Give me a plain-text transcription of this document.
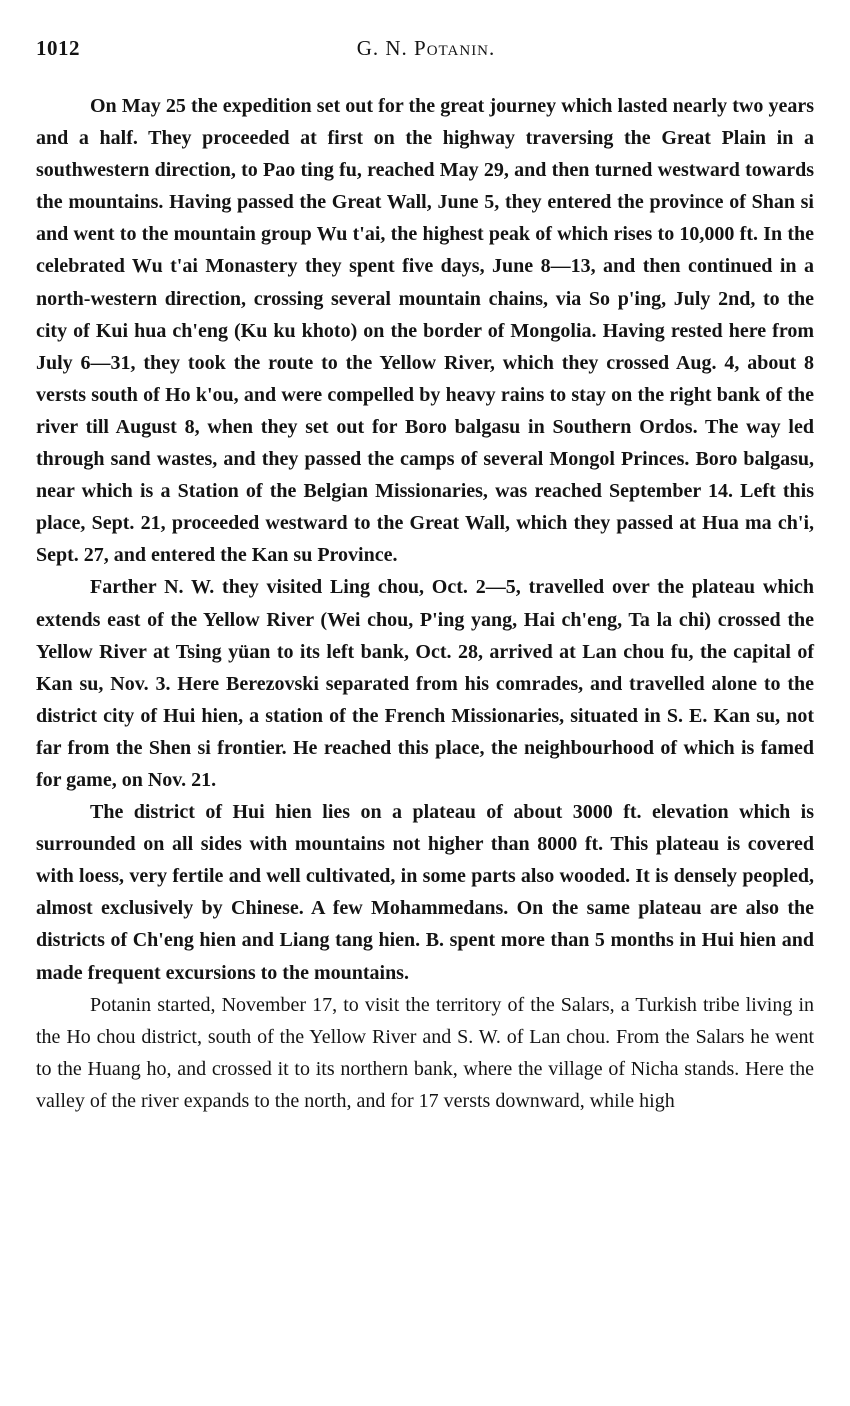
1012	G. N. Potanin.

On May 25 the expedition set out for the great journey which lasted nearly two years and a half. They proceeded at first on the highway traversing the Great Plain in a southwestern direction, to Pao ting fu, reached May 29, and then turned westward towards the mountains. Having passed the Great Wall, June 5, they entered the province of Shan si and went to the mountain group Wu t'ai, the highest peak of which rises to 10,000 ft. In the celebrated Wu t'ai Monastery they spent five days, June 8—13, and then continued in a north-western direction, crossing several mountain chains, via So p'ing, July 2nd, to the city of Kui hua ch'eng (Ku ku khoto) on the border of Mongolia. Having rested here from July 6—31, they took the route to the Yellow River, which they crossed Aug. 4, about 8 versts south of Ho k'ou, and were compelled by heavy rains to stay on the right bank of the river till August 8, when they set out for Boro balgasu in Southern Ordos. The way led through sand wastes, and they passed the camps of several Mongol Princes. Boro balgasu, near which is a Station of the Belgian Missionaries, was reached September 14. Left this place, Sept. 21, proceeded westward to the Great Wall, which they passed at Hua ma ch'i, Sept. 27, and entered the Kan su Province.

Farther N. W. they visited Ling chou, Oct. 2—5, travelled over the plateau which extends east of the Yellow River (Wei chou, P'ing yang, Hai ch'eng, Ta la chi) crossed the Yellow River at Tsing yüan to its left bank, Oct. 28, arrived at Lan chou fu, the capital of Kan su, Nov. 3. Here Berezovski separated from his comrades, and travelled alone to the district city of Hui hien, a station of the French Missionaries, situated in S. E. Kan su, not far from the Shen si frontier. He reached this place, the neighbourhood of which is famed for game, on Nov. 21.

The district of Hui hien lies on a plateau of about 3000 ft. elevation which is surrounded on all sides with mountains not higher than 8000 ft. This plateau is covered with loess, very fertile and well cultivated, in some parts also wooded. It is densely peopled, almost exclusively by Chinese. A few Mohammedans. On the same plateau are also the districts of Ch'eng hien and Liang tang hien. B. spent more than 5 months in Hui hien and made frequent excursions to the mountains.

Potanin started, November 17, to visit the territory of the Salars, a Turkish tribe living in the Ho chou district, south of the Yellow River and S. W. of Lan chou. From the Salars he went to the Huang ho, and crossed it to its northern bank, where the village of Nicha stands. Here the valley of the river expands to the north, and for 17 versts downward, while high
